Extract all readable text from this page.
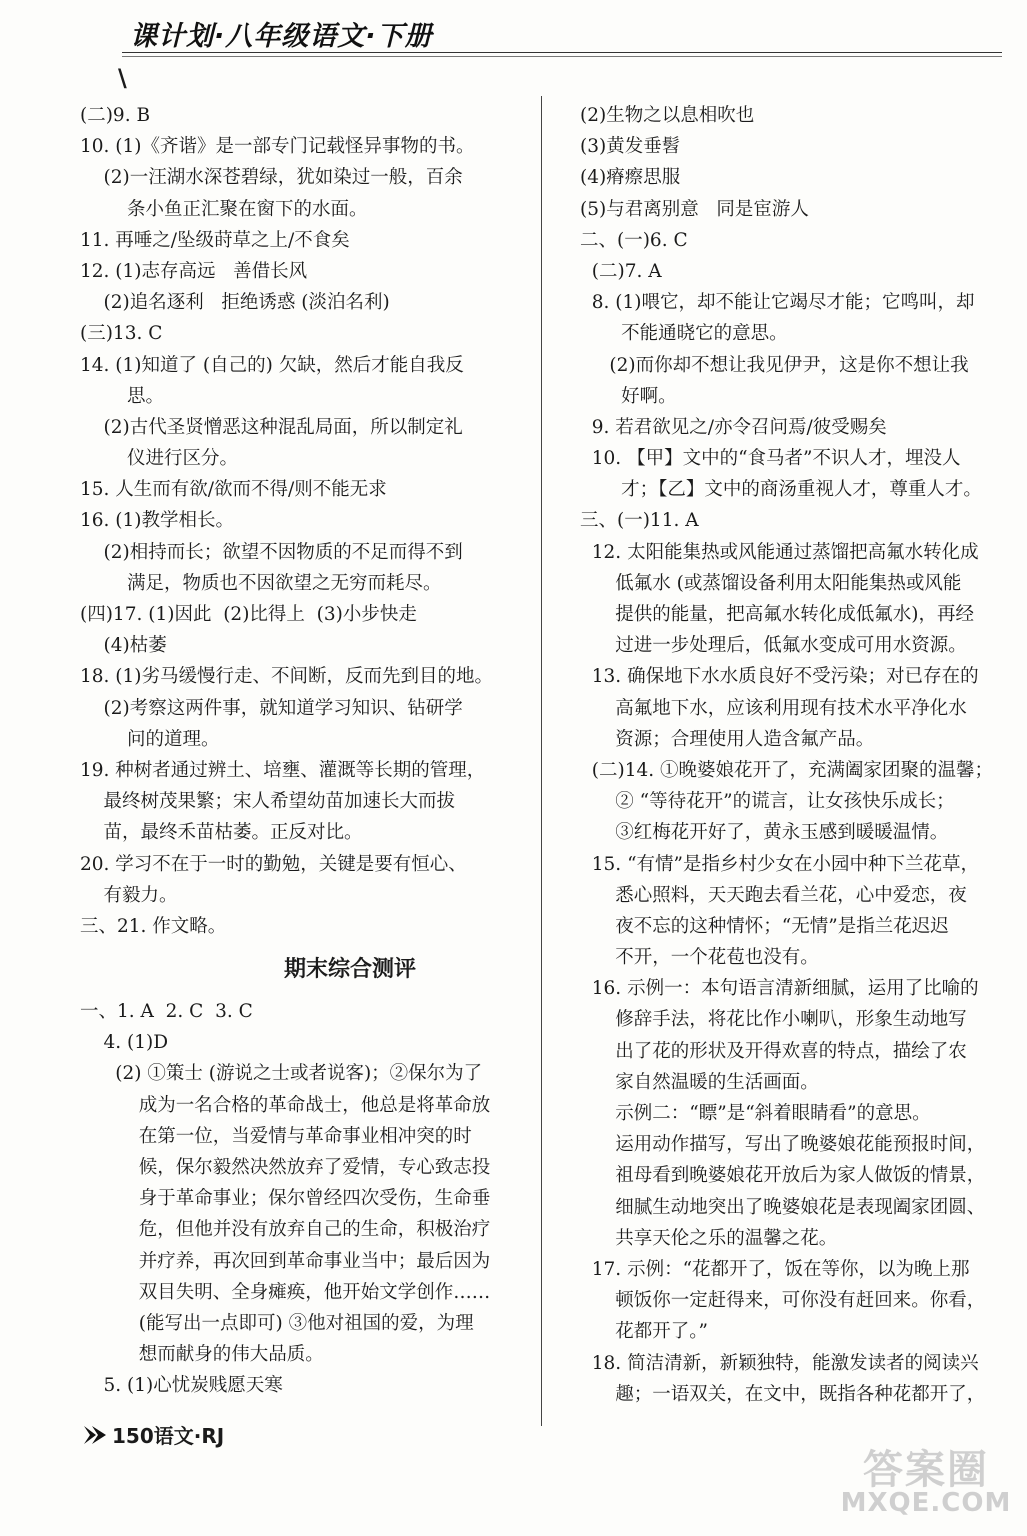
课计划·八年级语文·下册
\
(二)9. B
10. (1)《齐谐》是一部专门记载怪异事物的书。
(2)一汪湖水深苍碧绿，犹如染过一般，百余
条小鱼正汇聚在窗下的水面。
11. 再唾之/坠级莳草之上/不食矣
12. (1)志存高远   善借长风
(2)追名逐利   拒绝诱惑 (淡泊名利)
(三)13. C
14. (1)知道了 (自己的) 欠缺，然后才能自我反
思。
(2)古代圣贤憎恶这种混乱局面，所以制定礼
仪进行区分。
15. 人生而有欲/欲而不得/则不能无求
16. (1)教学相长。
(2)相持而长；欲望不因物质的不足而得不到
满足，物质也不因欲望之无穷而耗尽。
(四)17. (1)因此  (2)比得上  (3)小步快走
(4)枯萎
18. (1)劣马缓慢行走、不间断，反而先到目的地。
(2)考察这两件事，就知道学习知识、钻研学
问的道理。
19. 种树者通过辨土、培壅、灌溉等长期的管理，
最终树茂果繁；宋人希望幼苗加速长大而拔
苗，最终禾苗枯萎。正反对比。
20. 学习不在于一时的勤勉，关键是要有恒心、
有毅力。
三、21. 作文略。
期末综合测评
一、1. A  2. C  3. C
4. (1)D
(2) ①策士 (游说之士或者说客)；②保尔为了
成为一名合格的革命战士，他总是将革命放
在第一位，当爱情与革命事业相冲突的时
候，保尔毅然决然放弃了爱情，专心致志投
身于革命事业；保尔曾经四次受伤，生命垂
危，但他并没有放弃自己的生命，积极治疗
并疗养，再次回到革命事业当中；最后因为
双目失明、全身瘫痪，他开始文学创作……
(能写出一点即可) ③他对祖国的爱，为理
想而献身的伟大品质。
5. (1)心忧炭贱愿天寒
(2)生物之以息相吹也
(3)黄发垂髫
(4)瘠瘵思服
(5)与君离别意   同是宦游人
二、(一)6. C
(二)7. A
8. (1)喂它，却不能让它竭尽才能；它鸣叫，却
不能通晓它的意思。
(2)而你却不想让我见伊尹，这是你不想让我
好啊。
9. 若君欲见之/亦令召问焉/彼受赐矣
10. 【甲】文中的“食马者”不识人才，埋没人
才；【乙】文中的商汤重视人才，尊重人才。
三、(一)11. A
12. 太阳能集热或风能通过蒸馏把高氟水转化成
低氟水 (或蒸馏设备利用太阳能集热或风能
提供的能量，把高氟水转化成低氟水)，再经
过进一步处理后，低氟水变成可用水资源。
13. 确保地下水水质良好不受污染；对已存在的
高氟地下水，应该利用现有技术水平净化水
资源；合理使用人造含氟产品。
(二)14. ①晚婆娘花开了，充满阖家团聚的温馨；
② “等待花开”的谎言，让女孩快乐成长；
③红梅花开好了，黄永玉感到暖暖温情。
15. “有情”是指乡村少女在小园中种下兰花草，
悉心照料，天天跑去看兰花，心中爱恋，夜
夜不忘的这种情怀；“无情”是指兰花迟迟
不开，一个花苞也没有。
16. 示例一：本句语言清新细腻，运用了比喻的
修辞手法，将花比作小喇叭，形象生动地写
出了花的形状及开得欢喜的特点，描绘了农
家自然温暖的生活画面。
示例二：“瞟”是“斜着眼睛看”的意思。
运用动作描写，写出了晚婆娘花能预报时间，
祖母看到晚婆娘花开放后为家人做饭的情景，
细腻生动地突出了晚婆娘花是表现阖家团圆、
共享天伦之乐的温馨之花。
17. 示例：“花都开了，饭在等你，以为晚上那
顿饭你一定赶得来，可你没有赶回来。你看，
花都开了。”
18. 简洁清新，新颖独特，能激发读者的阅读兴
趣；一语双关，在文中，既指各种花都开了，
150语文·RJ
答案圈
MXQE.COM
